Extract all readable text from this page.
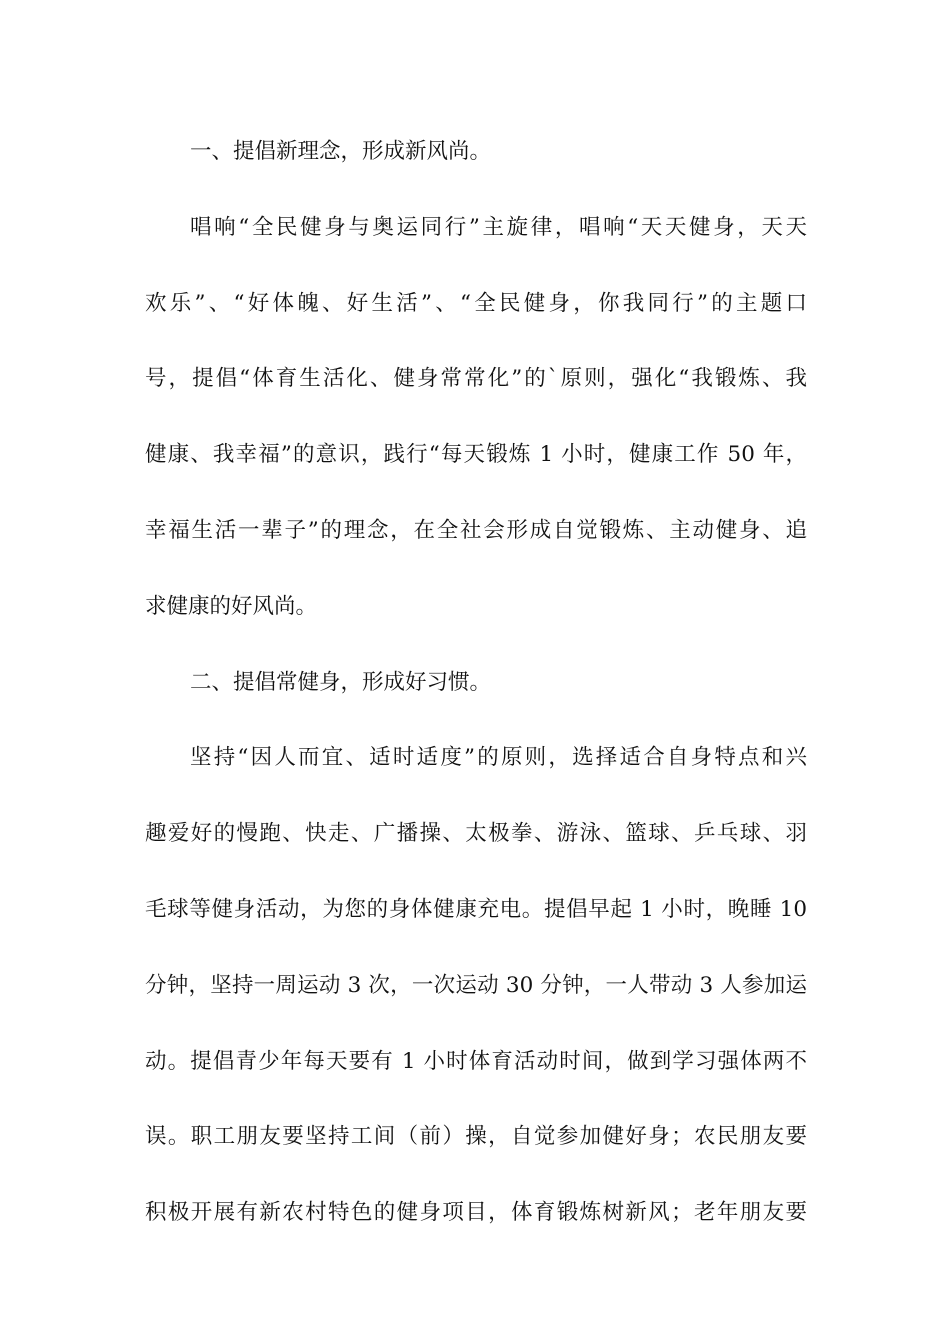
一、提倡新理念，形成新风尚。
唱响“全民健身与奥运同行”主旋律，唱响“天天健身，天天
欢乐”、“好体魄、好生活”、“全民健身，你我同行”的主题口
号，提倡“体育生活化、健身常常化”的`原则，强化“我锻炼、我
健康、我幸福”的意识，践行“每天锻炼 1 小时，健康工作 50 年，
幸福生活一辈子”的理念，在全社会形成自觉锻炼、主动健身、追
求健康的好风尚。
二、提倡常健身，形成好习惯。
坚持“因人而宜、适时适度”的原则，选择适合自身特点和兴
趣爱好的慢跑、快走、广播操、太极拳、游泳、篮球、乒乓球、羽
毛球等健身活动，为您的身体健康充电。提倡早起 1 小时，晚睡 10
分钟，坚持一周运动 3 次，一次运动 30 分钟，一人带动 3 人参加运
动。提倡青少年每天要有 1 小时体育活动时间，做到学习强体两不
误。职工朋友要坚持工间（前）操，自觉参加健好身；农民朋友要
积极开展有新农村特色的健身项目，体育锻炼树新风；老年朋友要
